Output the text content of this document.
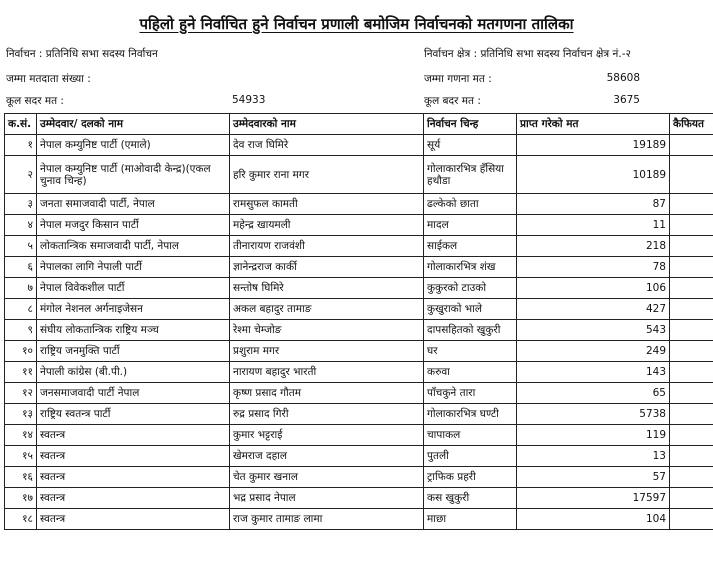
पहिलो हुने निर्वाचित हुने निर्वाचन प्रणाली बमोजिम निर्वाचनको मतगणना तालिका
निर्वाचन : प्रतिनिधि सभा सदस्य निर्वाचन	निर्वाचन क्षेत्र : प्रतिनिधि सभा सदस्य निर्वाचन क्षेत्र नं.-२
जम्मा मतदाता संख्या :	जम्मा गणना मत :	58608
कूल सदर मत :	54933	कूल बदर मत :	3675
क.सं.	उम्मेदवार/ दलको नाम	उम्मेदवारको नाम	निर्वाचन चिन्ह	प्राप्त गरेको मत	कैफियत
१	नेपाल कम्युनिष्ट पार्टी (एमाले)	देव राज घिमिरे	सूर्य	19189	
२	नेपाल कम्युनिष्ट पार्टी (माओवादी केन्द्र)(एकल चुनाव चिन्ह)	हरि कुमार राना मगर	गोलाकारभित्र हँसिया हथौडा	10189	
३	जनता समाजवादी पार्टी, नेपाल	रामसुफल कामती	ढल्केको छाता	87	
४	नेपाल मजदुर किसान पार्टी	महेन्द्र खायमली	मादल	11	
५	लोकतान्त्रिक समाजवादी पार्टी, नेपाल	तीनारायण राजवंशी	साईकल	218	
६	नेपालका लागि नेपाली पार्टी	ज्ञानेन्द्रराज कार्की	गोलाकारभित्र शंख	78	
७	नेपाल विवेकशील पार्टी	सन्तोष घिमिरे	कुकुरको टाउको	106	
८	मंगोल नेशनल अर्गनाइजेसन	अकल बहादुर तामाङ	कुखुराको भाले	427	
९	संघीय लोकतान्त्रिक राष्ट्रिय मञ्च	रेश्मा चेम्जोङ	दापसहितको खुकुरी	543	
१०	राष्ट्रिय जनमुक्ति पार्टी	प्रशुराम मगर	घर	249	
११	नेपाली कांग्रेस (बी.पी.)	नारायण बहादुर भारती	करुवा	143	
१२	जनसमाजवादी पार्टी नेपाल	कृष्ण प्रसाद गौतम	पाँचकुने तारा	65	
१३	राष्ट्रिय स्वतन्त्र पार्टी	रुद्र प्रसाद गिरी	गोलाकारभित्र घण्टी	5738	
१४	स्वतन्त्र	कुमार भट्टराई	चापाकल	119	
१५	स्वतन्त्र	खेमराज दहाल	पुतली	13	
१६	स्वतन्त्र	चेत कुमार खनाल	ट्राफिक प्रहरी	57	
१७	स्वतन्त्र	भद्र प्रसाद नेपाल	कस खुकुरी	17597	
१८	स्वतन्त्र	राज कुमार तामाङ लामा	माछा	104	
